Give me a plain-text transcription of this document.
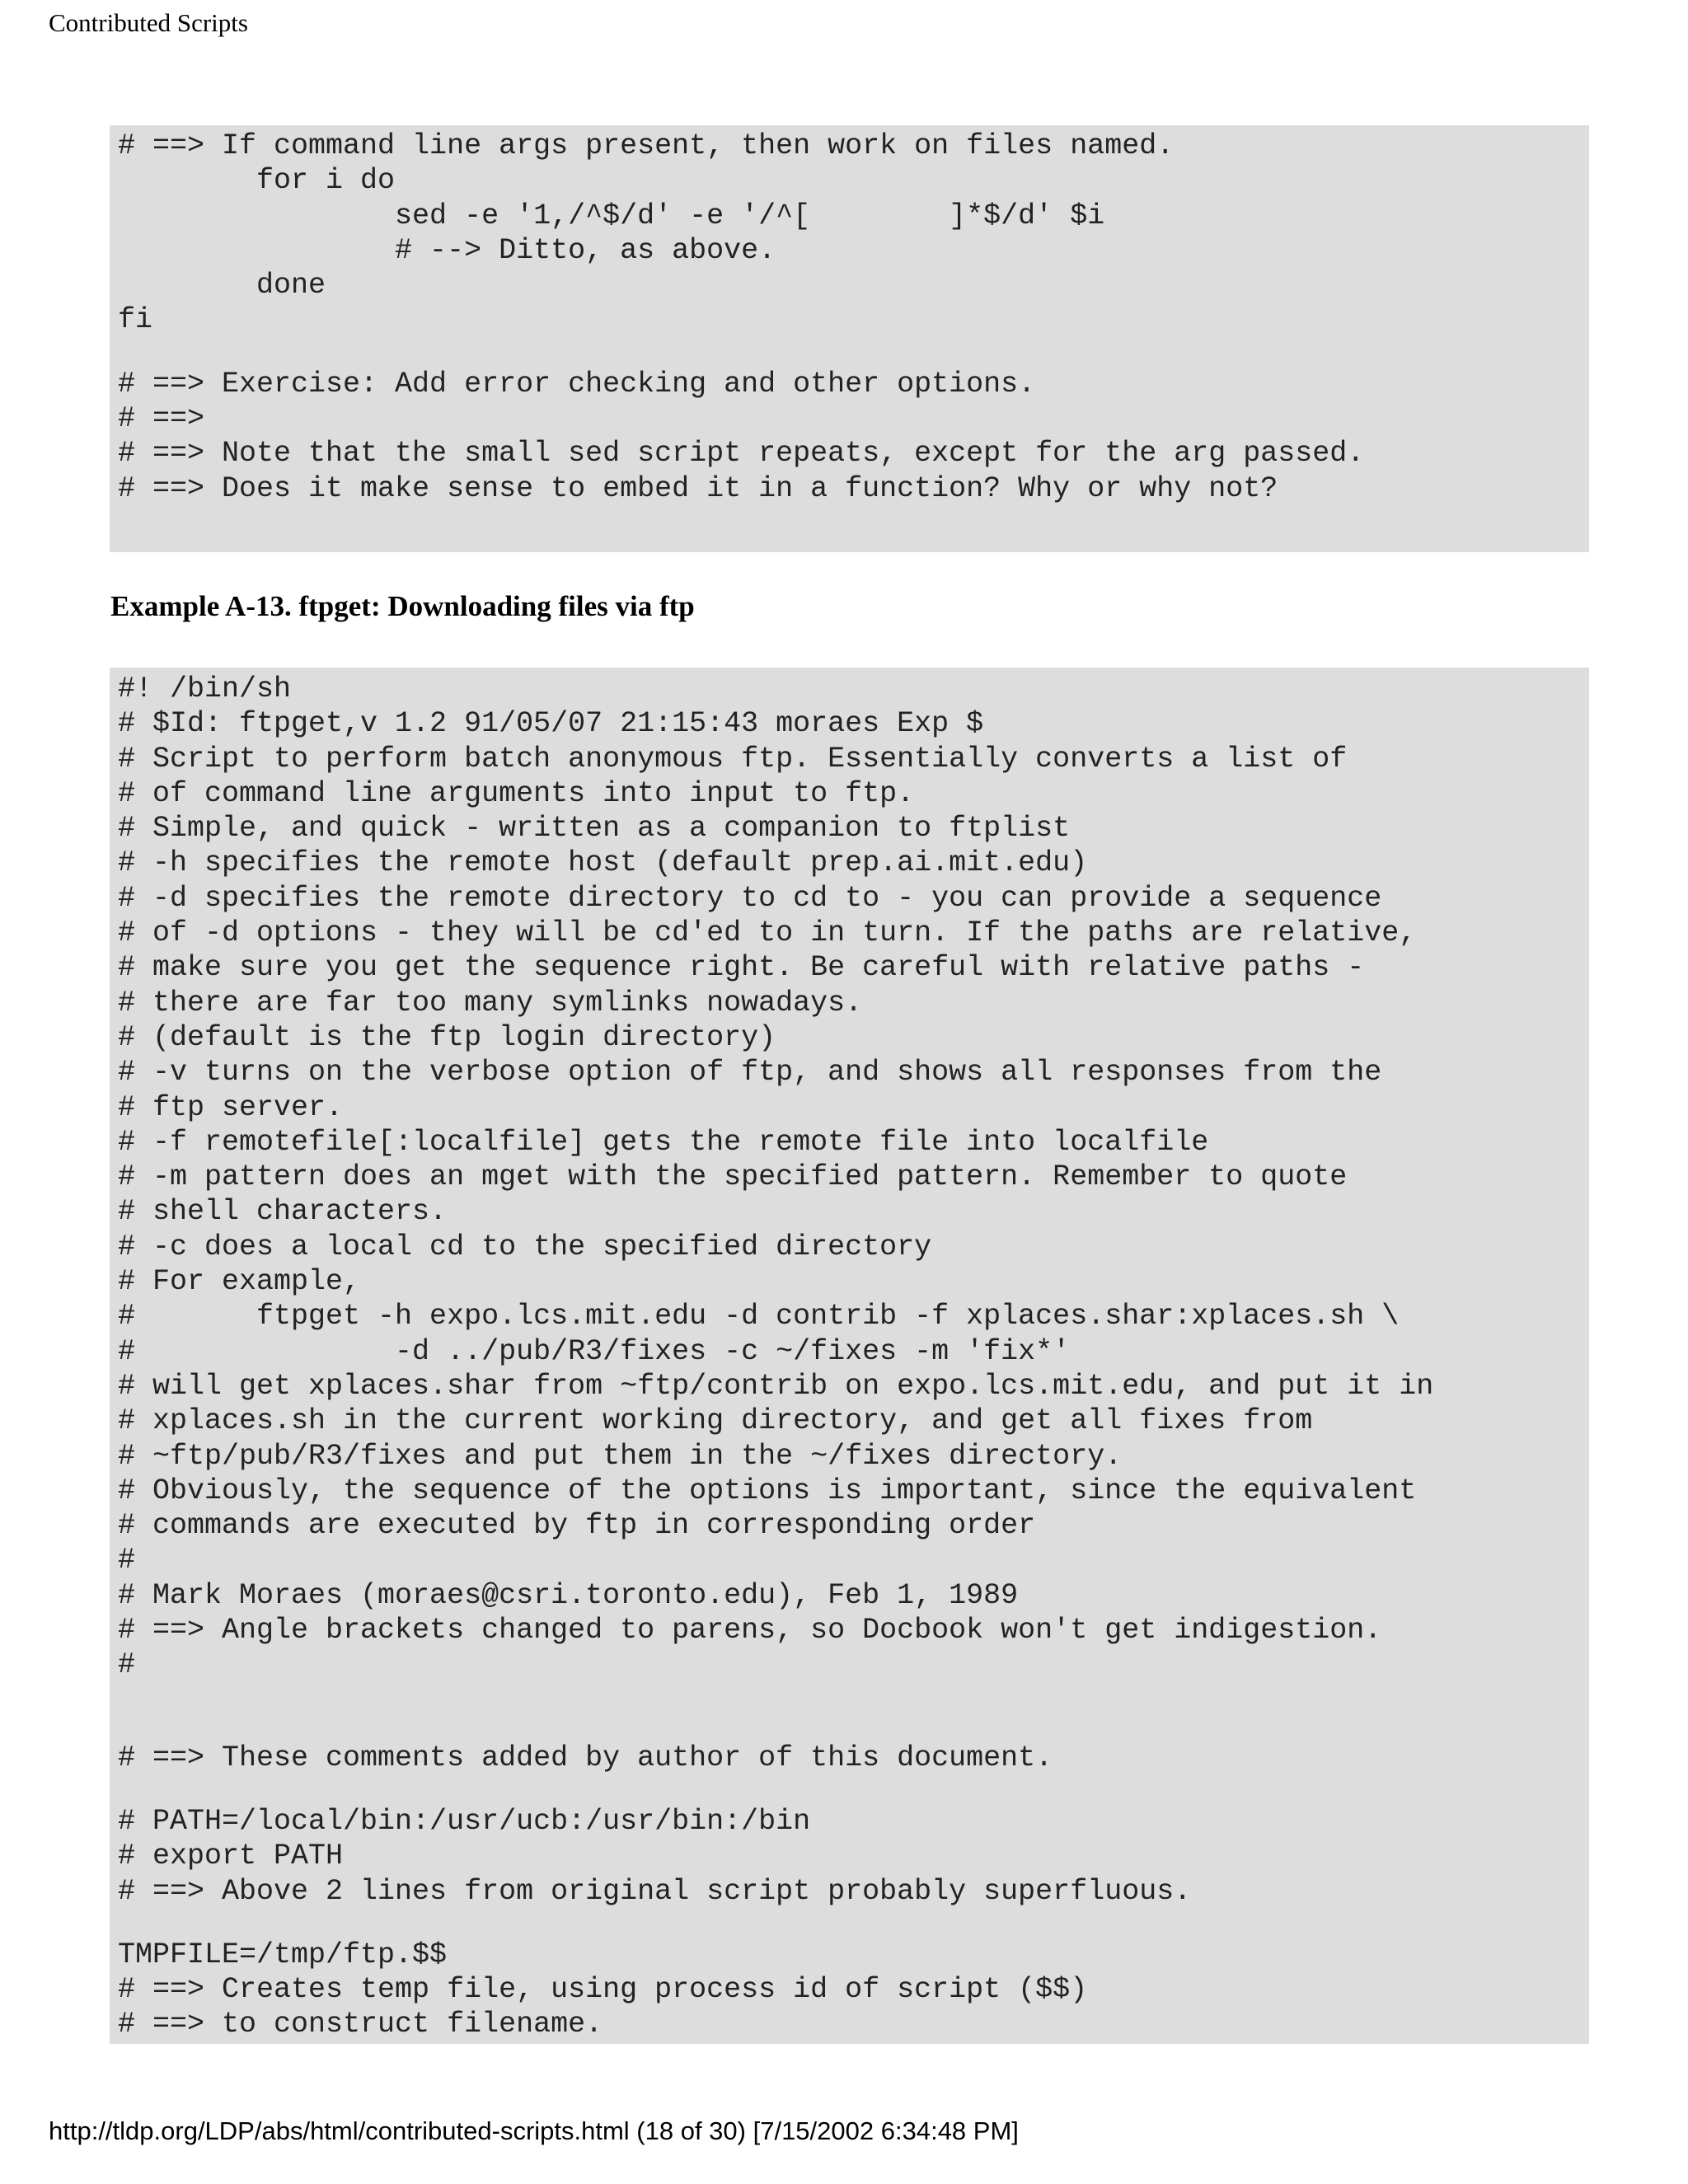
Contributed Scripts
# ==> If command line args present, then work on files named.
for i do
sed -e '1,/^$/d' -e '/^[        ]*$/d' $i
# --> Ditto, as above.
done
fi

# ==> Exercise: Add error checking and other options.
# ==>
# ==> Note that the small sed script repeats, except for the arg passed.
# ==> Does it make sense to embed it in a function? Why or why not?
Example A-13. ftpget: Downloading files via ftp
#! /bin/sh
# $Id: ftpget,v 1.2 91/05/07 21:15:43 moraes Exp $
# Script to perform batch anonymous ftp. Essentially converts a list of
# of command line arguments into input to ftp.
# Simple, and quick - written as a companion to ftplist
# -h specifies the remote host (default prep.ai.mit.edu)
# -d specifies the remote directory to cd to - you can provide a sequence
# of -d options - they will be cd'ed to in turn. If the paths are relative,
# make sure you get the sequence right. Be careful with relative paths -
# there are far too many symlinks nowadays.
# (default is the ftp login directory)
# -v turns on the verbose option of ftp, and shows all responses from the
# ftp server.
# -f remotefile[:localfile] gets the remote file into localfile
# -m pattern does an mget with the specified pattern. Remember to quote
# shell characters.
# -c does a local cd to the specified directory
# For example,
#       ftpget -h expo.lcs.mit.edu -d contrib -f xplaces.shar:xplaces.sh \
#               -d ../pub/R3/fixes -c ~/fixes -m 'fix*'
# will get xplaces.shar from ~ftp/contrib on expo.lcs.mit.edu, and put it in
# xplaces.sh in the current working directory, and get all fixes from
# ~ftp/pub/R3/fixes and put them in the ~/fixes directory.
# Obviously, the sequence of the options is important, since the equivalent
# commands are executed by ftp in corresponding order
#
# Mark Moraes (moraes@csri.toronto.edu), Feb 1, 1989
# ==> Angle brackets changed to parens, so Docbook won't get indigestion.
#

# ==> These comments added by author of this document.

# PATH=/local/bin:/usr/ucb:/usr/bin:/bin
# export PATH
# ==> Above 2 lines from original script probably superfluous.

TMPFILE=/tmp/ftp.$$
# ==> Creates temp file, using process id of script ($$)
# ==> to construct filename.
http://tldp.org/LDP/abs/html/contributed-scripts.html (18 of 30) [7/15/2002 6:34:48 PM]
